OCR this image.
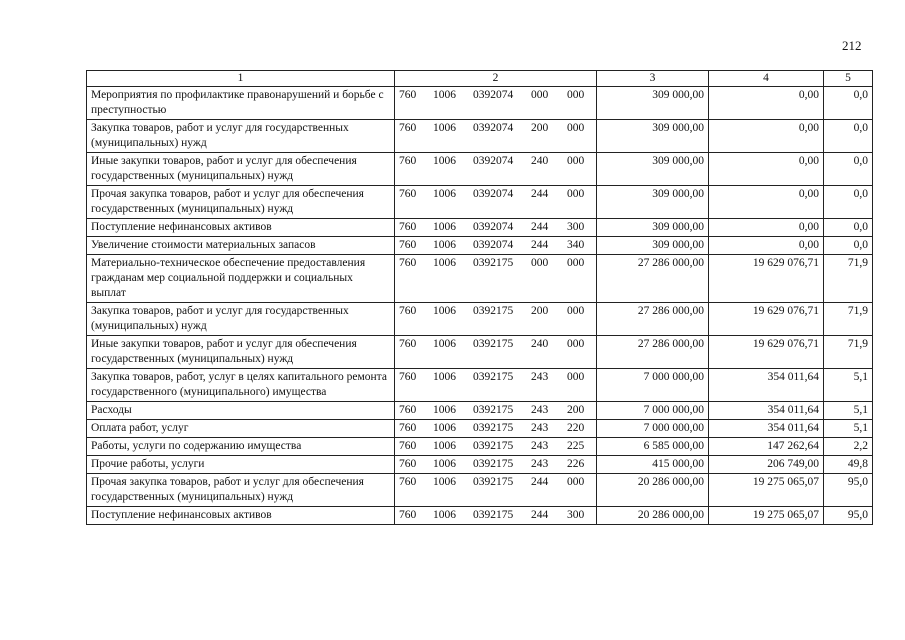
212
1	2	3	4	5
Мероприятия по профилактике правонарушений и борьбе с преступностью	760 1006 0392074 000 000	309 000,00	0,00	0,0
Закупка товаров, работ и услуг для государственных (муниципальных) нужд	760 1006 0392074 200 000	309 000,00	0,00	0,0
Иные закупки товаров, работ и услуг для обеспечения государственных (муниципальных) нужд	760 1006 0392074 240 000	309 000,00	0,00	0,0
Прочая закупка товаров, работ и услуг для обеспечения государственных (муниципальных) нужд	760 1006 0392074 244 000	309 000,00	0,00	0,0
Поступление нефинансовых активов	760 1006 0392074 244 300	309 000,00	0,00	0,0
Увеличение стоимости материальных запасов	760 1006 0392074 244 340	309 000,00	0,00	0,0
Материально-техническое обеспечение предоставления гражданам мер социальной поддержки и социальных выплат	760 1006 0392175 000 000	27 286 000,00	19 629 076,71	71,9
Закупка товаров, работ и услуг для государственных (муниципальных) нужд	760 1006 0392175 200 000	27 286 000,00	19 629 076,71	71,9
Иные закупки товаров, работ и услуг для обеспечения государственных (муниципальных) нужд	760 1006 0392175 240 000	27 286 000,00	19 629 076,71	71,9
Закупка товаров, работ, услуг в целях капитального ремонта государственного (муниципального) имущества	760 1006 0392175 243 000	7 000 000,00	354 011,64	5,1
Расходы	760 1006 0392175 243 200	7 000 000,00	354 011,64	5,1
Оплата работ, услуг	760 1006 0392175 243 220	7 000 000,00	354 011,64	5,1
Работы, услуги по содержанию имущества	760 1006 0392175 243 225	6 585 000,00	147 262,64	2,2
Прочие работы, услуги	760 1006 0392175 243 226	415 000,00	206 749,00	49,8
Прочая закупка товаров, работ и услуг для обеспечения государственных (муниципальных) нужд	760 1006 0392175 244 000	20 286 000,00	19 275 065,07	95,0
Поступление нефинансовых активов	760 1006 0392175 244 300	20 286 000,00	19 275 065,07	95,0
